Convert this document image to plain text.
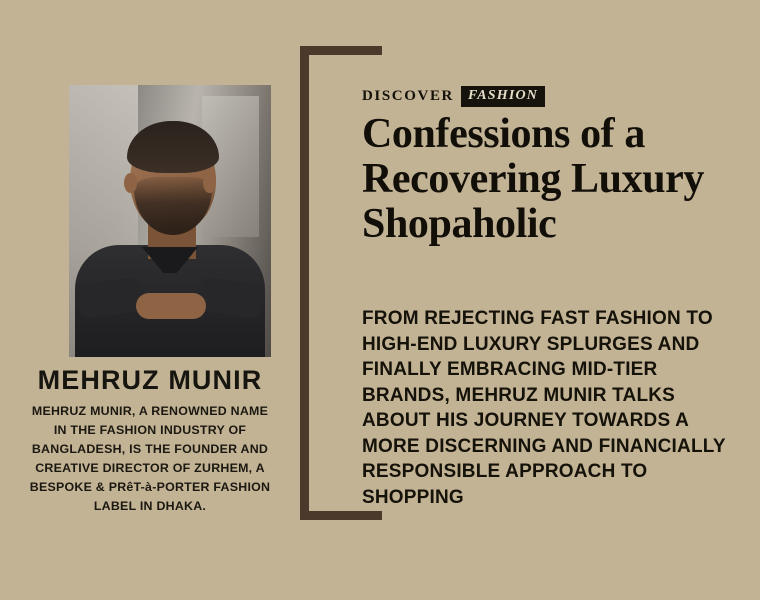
MEHRUZ MUNIR
MEHRUZ MUNIR, A RENOWNED NAME IN THE FASHION INDUSTRY OF BANGLADESH, IS THE FOUNDER AND CREATIVE DIRECTOR OF ZURHEM, A BESPOKE & PRêT-à-PORTER FASHION LABEL IN DHAKA.
DISCOVER	FASHION
Confessions of a Recovering Luxury Shopaholic
FROM REJECTING FAST FASHION TO HIGH-END LUXURY SPLURGES AND FINALLY EMBRACING MID-TIER BRANDS, MEHRUZ MUNIR TALKS ABOUT HIS JOURNEY TOWARDS A MORE DISCERNING AND FINANCIALLY RESPONSIBLE APPROACH TO SHOPPING
